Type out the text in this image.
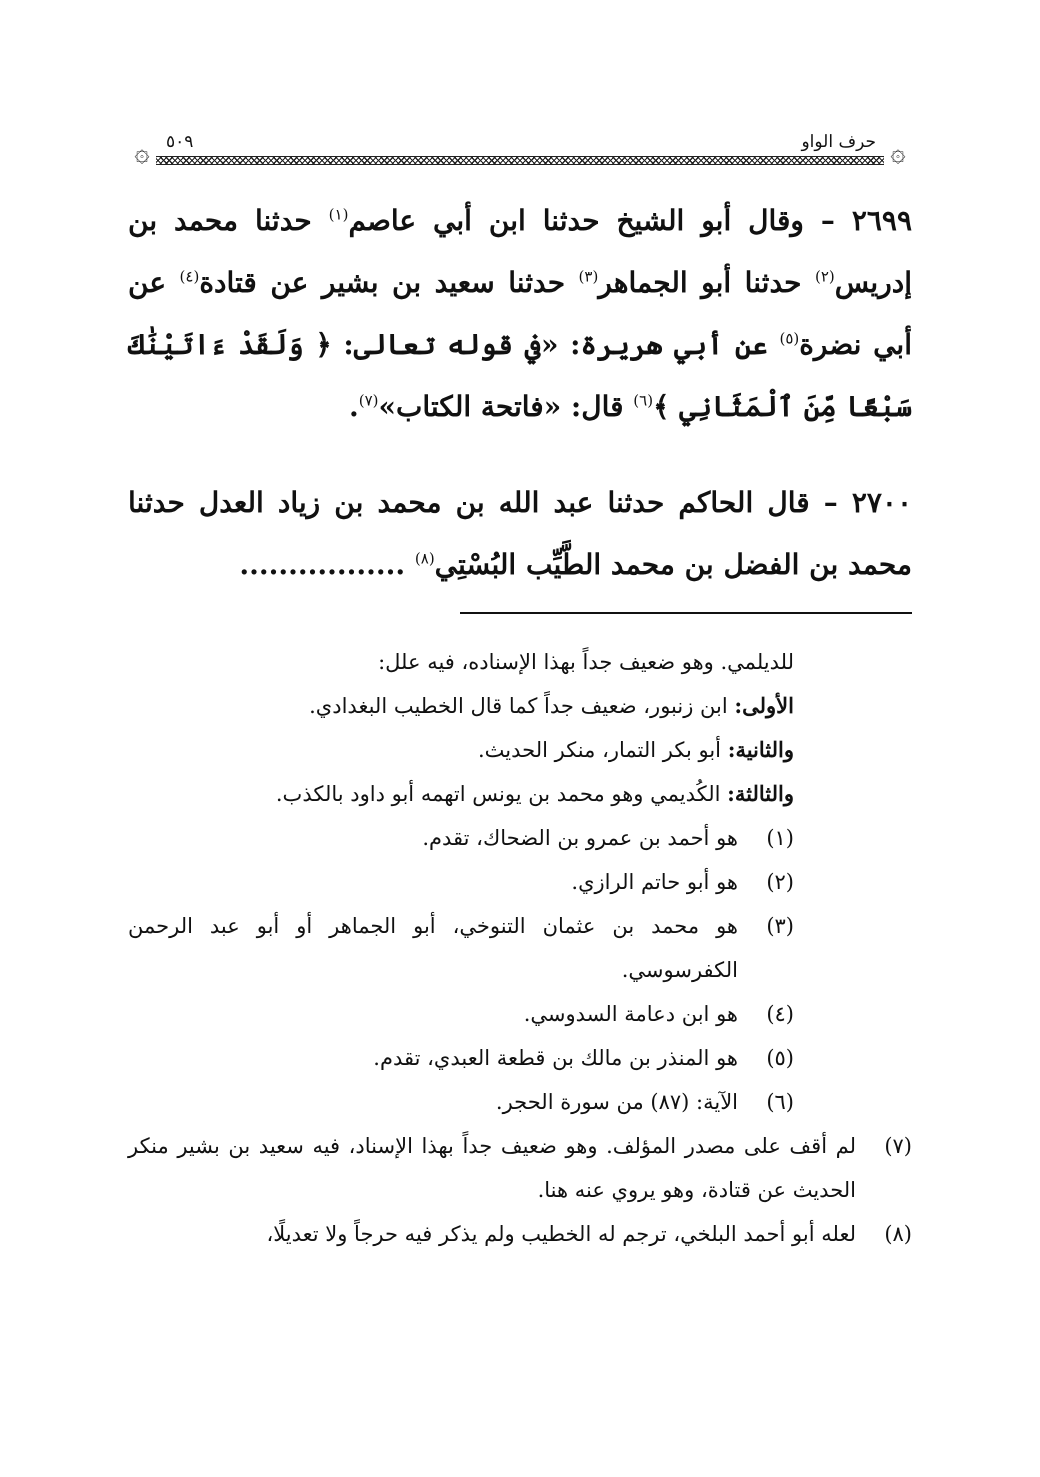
۞
۞	حرف الواو
٥٠٩

٢٦٩٩ – وقال أبو الشيخ حدثنا ابن أبي عاصم$^{(١)}$ حدثنا محمد بن إدريس$^{(٢)}$ حدثنا أبو الجماهر$^{(٣)}$ حدثنا سعيد بن بشير عن قتادة$^{(٤)}$ عن أبي نضرة$^{(٥)}$ عن أبي هريرة: «في قوله تعالى: ﴿ وَلَقَدْ ءَاتَيْنَٰكَ سَبْعًا مِّنَ ٱلْمَثَانِي ﴾$^{(٦)}$ قال: «فاتحة الكتاب»$^{(٧)}$.

٢٧٠٠ – قال الحاكم حدثنا عبد الله بن محمد بن زياد العدل حدثنا محمد بن الفضل بن محمد الطَّيِّب البُسْتِي$^{(٨)}$ .................

للديلمي. وهو ضعيف جداً بهذا الإسناده، فيه علل:

الأولى: ابن زنبور، ضعيف جداً كما قال الخطيب البغدادي.

والثانية: أبو بكر التمار، منكر الحديث.

والثالثة: الكُديمي وهو محمد بن يونس اتهمه أبو داود بالكذب.

(١)
هو أحمد بن عمرو بن الضحاك، تقدم.
(٢)
هو أبو حاتم الرازي.
(٣)
هو محمد بن عثمان التنوخي، أبو الجماهر أو أبو عبد الرحمن الكفرسوسي.
(٤)
هو ابن دعامة السدوسي.
(٥)
هو المنذر بن مالك بن قطعة العبدي، تقدم.
(٦)
الآية: (٨٧) من سورة الحجر.
(٧)
لم أقف على مصدر المؤلف. وهو ضعيف جداً بهذا الإسناد، فيه سعيد بن بشير منكر الحديث عن قتادة، وهو يروي عنه هنا.
(٨)
لعله أبو أحمد البلخي، ترجم له الخطيب ولم يذكر فيه حرجاً ولا تعديلًا،
